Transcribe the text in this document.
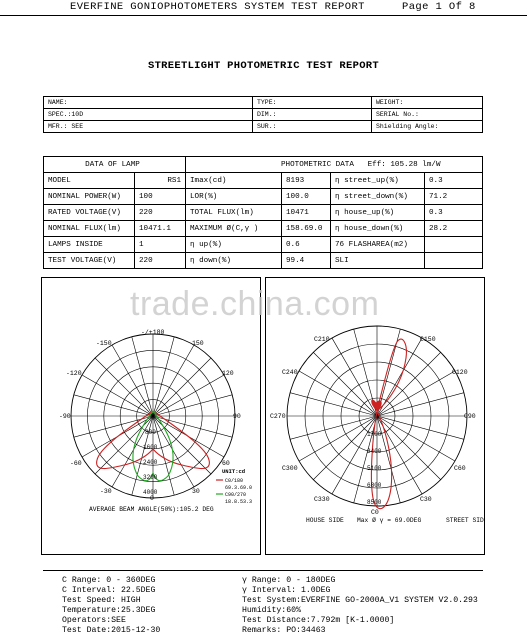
EVERFINE GONIOPHOTOMETERS SYSTEM TEST REPORT	Page 1 Of 8
STREETLIGHT PHOTOMETRIC TEST REPORT
NAME:	TYPE:	WEIGHT:
SPEC.:10D	DIM.:	SERIAL No.:
MFR.: SEE	SUR.:	Shielding Angle:
DATA OF LAMP		PHOTOMETRIC DATA Eff: 105.28 lm/W			
MODEL	RS1	Imax(cd)	8193	η street_up(%)	0.3
NOMINAL POWER(W)	100	LOR(%)	100.0	η street_down(%)	71.2
RATED VOLTAGE(V)	220	TOTAL FLUX(lm)	10471	η house_up(%)	0.3
NOMINAL FLUX(lm)	10471.1	MAXIMUM Ø(C,γ )	158.69.0	η house_down(%)	28.2
LAMPS INSIDE	1	η up(%)	0.6	76 FLASHAREA(m2)	
TEST VOLTAGE(V)	220	η down(%)	99.4	SLI	
-/+180
-150	150
-120	120
-90	90
-60	60
-30	30
0
800
1600
2400
3200
4000
UNIT:cd
C0/180
69.3.69.0
C90/270
18.8.53.3
AVERAGE BEAM ANGLE(50%):105.2 DEG
C210	C150
C240	C120
C270	C90
C300	C60
C330	C30
C0
1700
3400
5100
6800
8500
HOUSE SIDE Max Ø γ = 69.0DEG	STREET SIDE
trade.china.com
C Range: 0 - 360DEG	γ Range: 0 - 180DEG
C Interval: 22.5DEG	γ Interval: 1.0DEG
Test Speed: HIGH	Test System:EVERFINE GO-2000A_V1 SYSTEM V2.0.293
Temperature:25.3DEG	Humidity:60%
Operators:SEE	Test Distance:7.792m [K-1.0000]
Test Date:2015-12-30	Remarks: PO:34463
